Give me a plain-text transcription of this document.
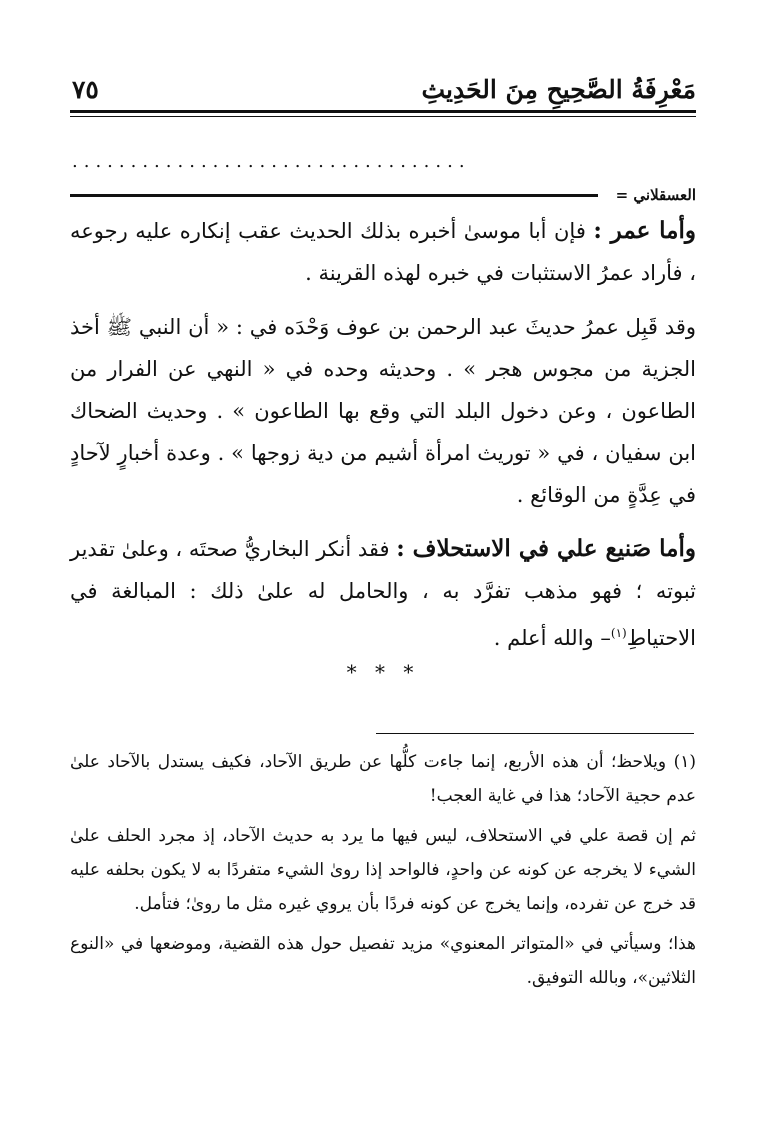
مَعْرِفَةُ الصَّحِيحِ مِنَ الحَدِيثِ
٧٥
..................................
العسقلاني =

وأما عمر : فإن أبا موسىٰ أخبره بذلك الحديث عقب إنكاره عليه رجوعه ، فأراد عمرُ الاستثبات في خبره لهذه القرينة .

وقد قَبِل عمرُ حديثَ عبد الرحمن بن عوف وَحْدَه في : « أن النبي ﷺ أخذ الجزية من مجوس هجر » . وحديثه وحده في « النهي عن الفرار من الطاعون ، وعن دخول البلد التي وقع بها الطاعون » . وحديث الضحاك ابن سفيان ، في « توريث امرأة أشيم من دية زوجها » . وعدة أخبارٍ لآحادٍ في عِدَّةٍ من الوقائع .

وأما صَنيع علي في الاستحلاف : فقد أنكر البخاريُّ صحتَه ، وعلىٰ تقدير ثبوته ؛ فهو مذهب تفرَّد به ، والحامل له علىٰ ذلك : المبالغة في الاحتياطِ$^{(١)}$– والله أعلم .

* * *

(١) ويلاحظ؛ أن هذه الأربع، إنما جاءت كلُّها عن طريق الآحاد، فكيف يستدل بالآحاد علىٰ عدم حجية الآحاد؛ هذا في غاية العجب!

ثم إن قصة علي في الاستحلاف، ليس فيها ما يرد به حديث الآحاد، إذ مجرد الحلف علىٰ الشيء لا يخرجه عن كونه عن واحدٍ، فالواحد إذا روىٰ الشيء متفردًا به لا يكون بحلفه عليه قد خرج عن تفرده، وإنما يخرج عن كونه فردًا بأن يروي غيره مثل ما روىٰ؛ فتأمل.

هذا؛ وسيأتي في «المتواتر المعنوي» مزيد تفصيل حول هذه القضية، وموضعها في «النوع الثلاثين»، وبالله التوفيق.
